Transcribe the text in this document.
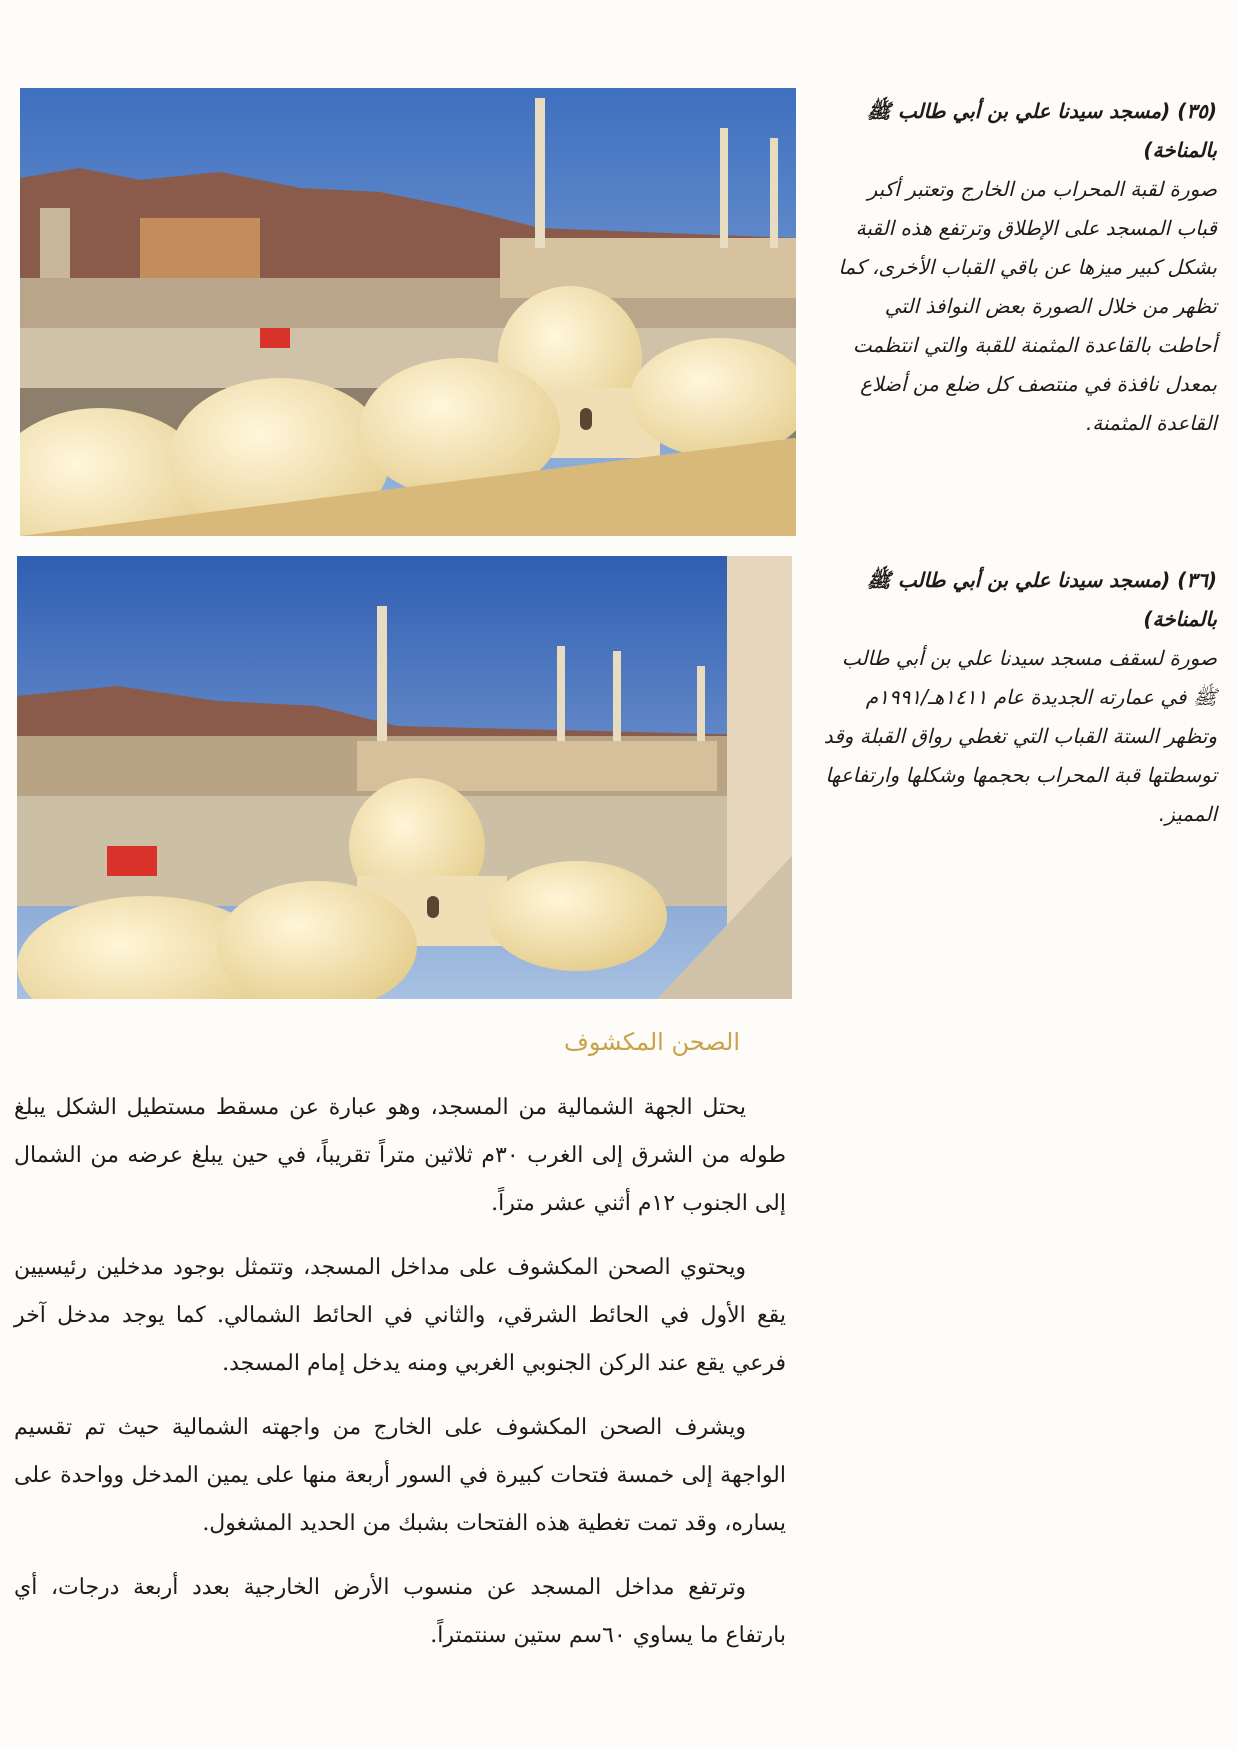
(٣٥) (مسجد سيدنا علي بن أبي طالب ﷺ بالمناخة)

صورة لقبة المحراب من الخارج وتعتبر أكبر قباب المسجد على الإطلاق وترتفع هذه القبة بشكل كبير ميزها عن باقي القباب الأخرى، كما تظهر من خلال الصورة بعض النوافذ التي أحاطت بالقاعدة المثمنة للقبة والتي انتظمت بمعدل نافذة في منتصف كل ضلع من أضلاع القاعدة المثمنة.

(٣٦) (مسجد سيدنا علي بن أبي طالب ﷺ بالمناخة)

صورة لسقف مسجد سيدنا علي بن أبي طالب ﷺ في عمارته الجديدة عام ١٤١١هـ/١٩٩١م وتظهر الستة القباب التي تغطي رواق القبلة وقد توسطتها قبة المحراب بحجمها وشكلها وارتفاعها المميز.

الصحن المكشوف

يحتل الجهة الشمالية من المسجد، وهو عبارة عن مسقط مستطيل الشكل يبلغ طوله من الشرق إلى الغرب ٣٠م ثلاثين متراً تقريباً، في حين يبلغ عرضه من الشمال إلى الجنوب ١٢م أثني عشر متراً.

ويحتوي الصحن المكشوف على مداخل المسجد، وتتمثل بوجود مدخلين رئيسيين يقع الأول في الحائط الشرقي، والثاني في الحائط الشمالي. كما يوجد مدخل آخر فرعي يقع عند الركن الجنوبي الغربي ومنه يدخل إمام المسجد.

ويشرف الصحن المكشوف على الخارج من واجهته الشمالية حيث تم تقسيم الواجهة إلى خمسة فتحات كبيرة في السور أربعة منها على يمين المدخل وواحدة على يساره، وقد تمت تغطية هذه الفتحات بشبك من الحديد المشغول.

وترتفع مداخل المسجد عن منسوب الأرض الخارجية بعدد أربعة درجات، أي بارتفاع ما يساوي ٦٠سم ستين سنتمتراً.
